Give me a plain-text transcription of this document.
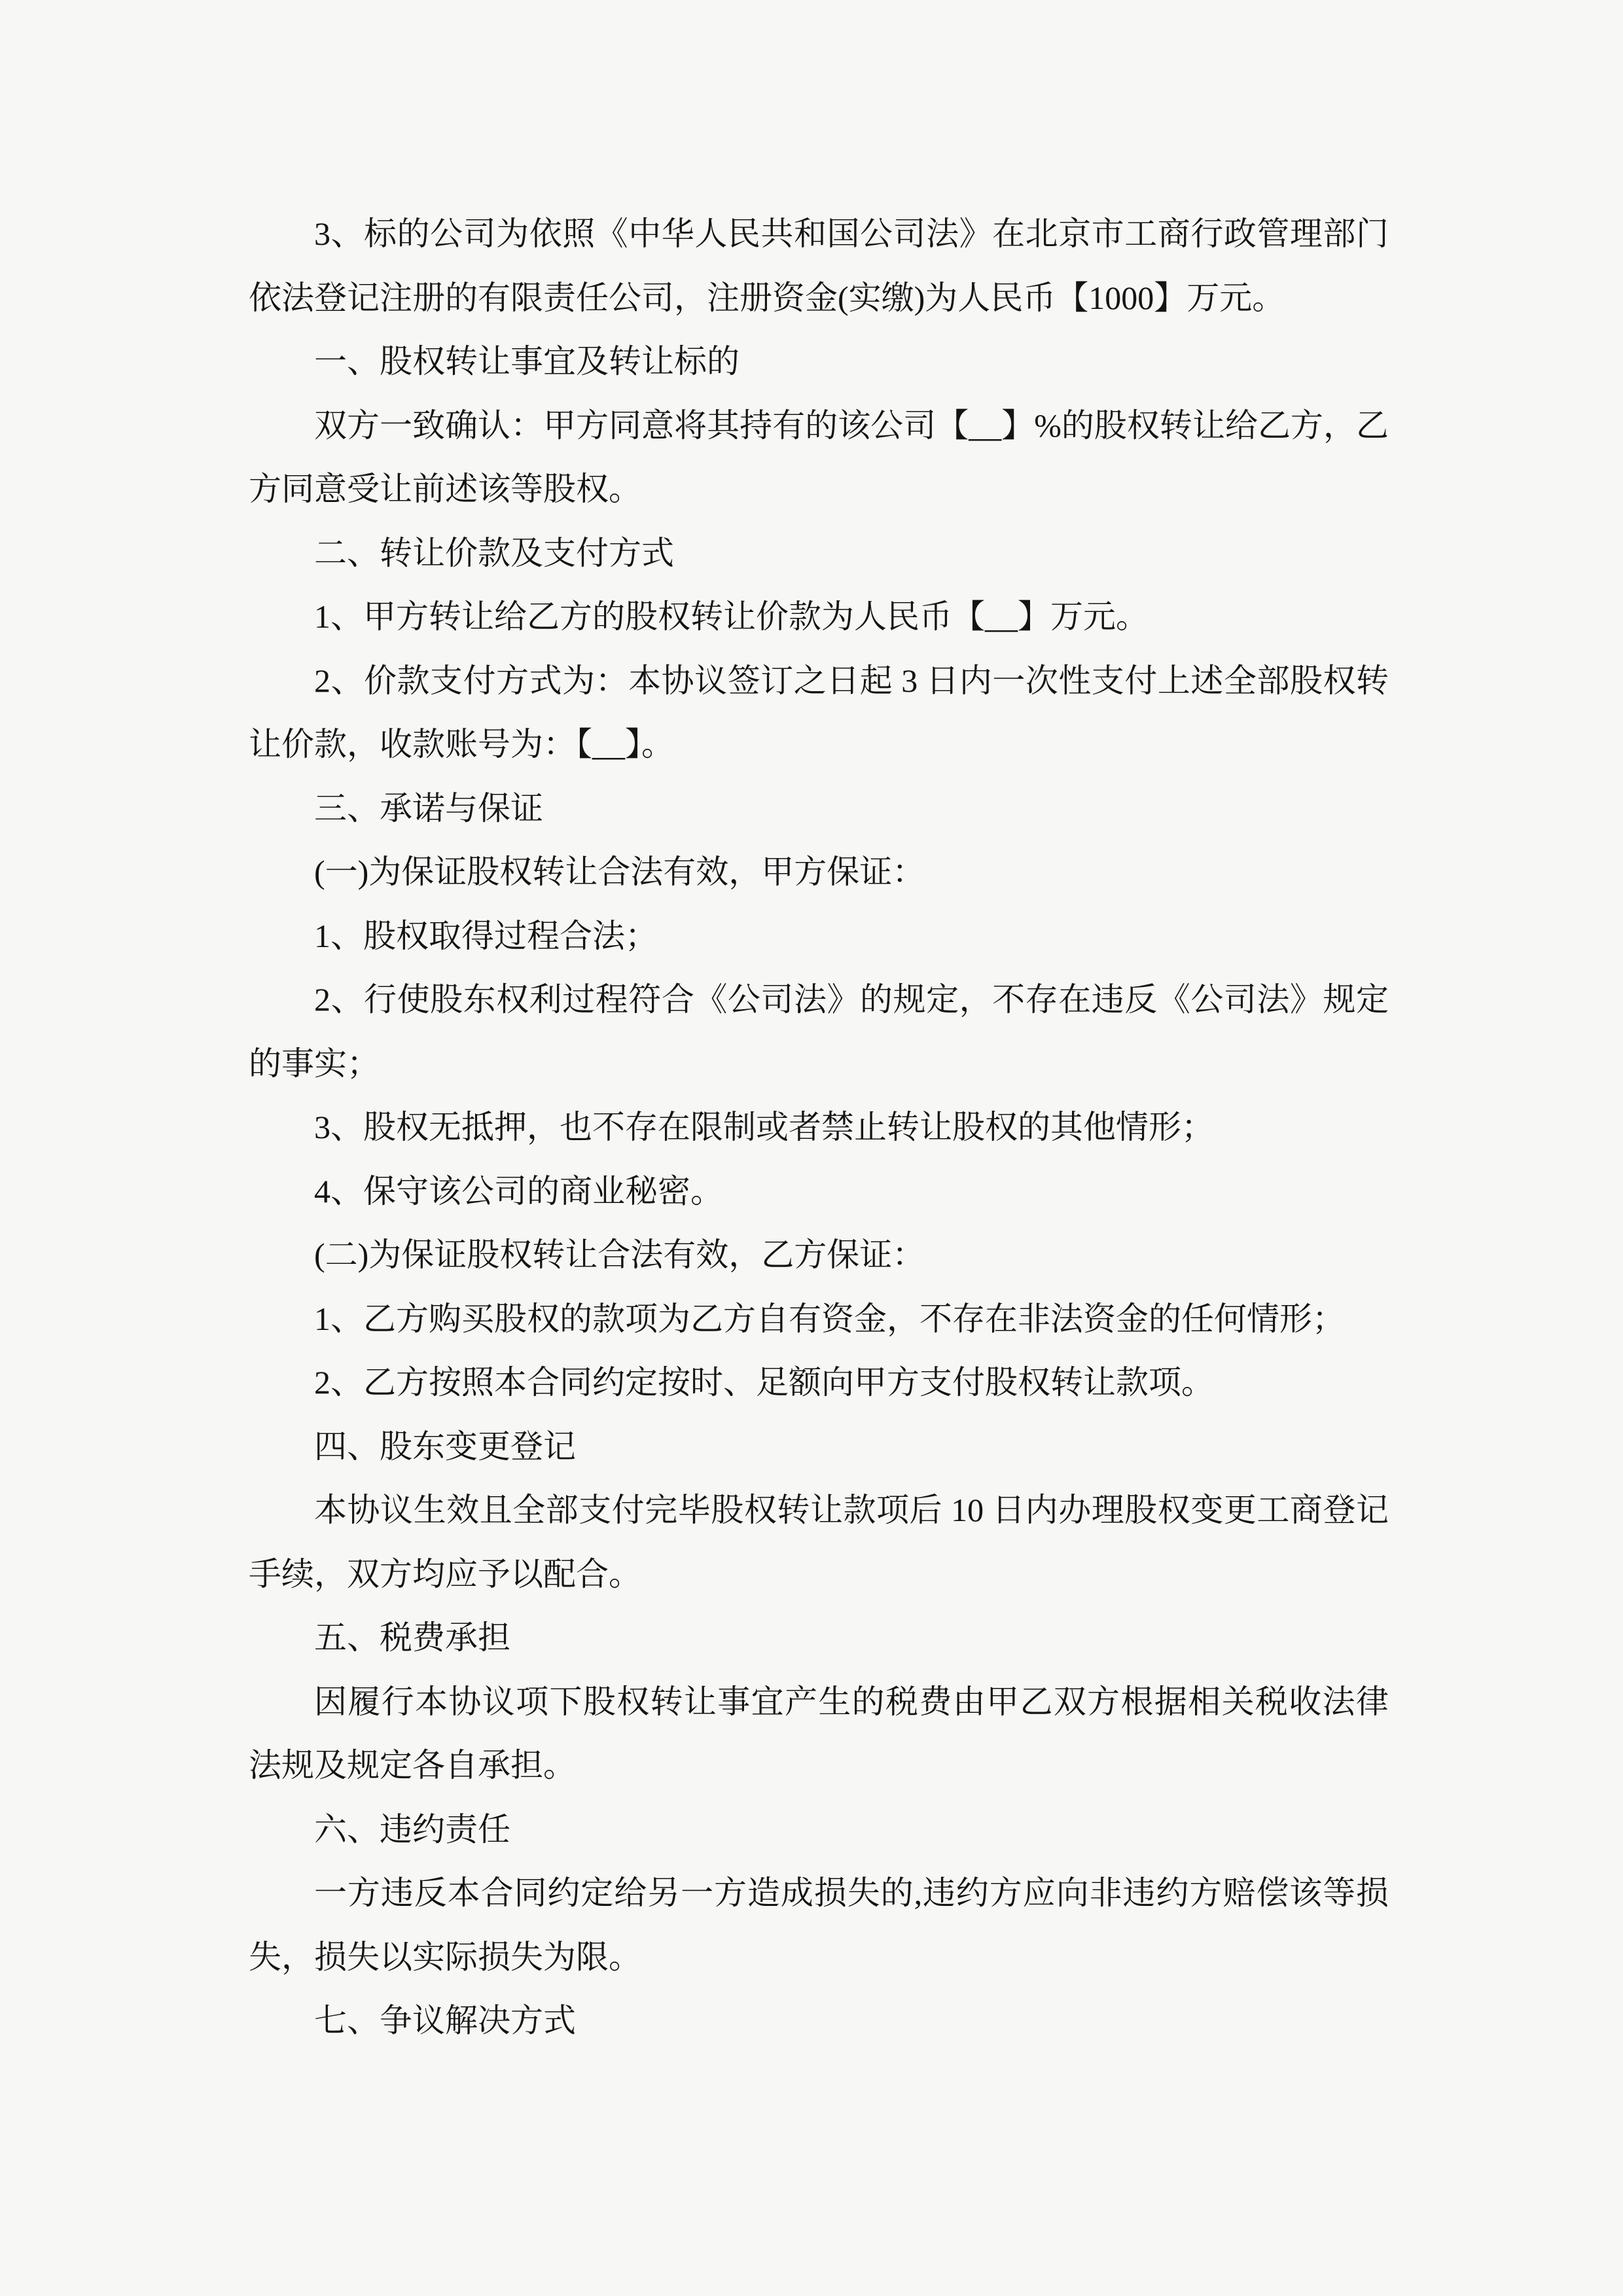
3、标的公司为依照《中华人民共和国公司法》在北京市工商行政管理部门
依法登记注册的有限责任公司，注册资金(实缴)为人民币【1000】万元。
一、股权转让事宜及转让标的
双方一致确认：甲方同意将其持有的该公司【__】%的股权转让给乙方，乙
方同意受让前述该等股权。
二、转让价款及支付方式
1、甲方转让给乙方的股权转让价款为人民币【__】万元。
2、价款支付方式为：本协议签订之日起 3 日内一次性支付上述全部股权转
让价款，收款账号为：【__】。
三、承诺与保证
(一)为保证股权转让合法有效，甲方保证：
1、股权取得过程合法；
2、行使股东权利过程符合《公司法》的规定，不存在违反《公司法》规定
的事实；
3、股权无抵押，也不存在限制或者禁止转让股权的其他情形；
4、保守该公司的商业秘密。
(二)为保证股权转让合法有效，乙方保证：
1、乙方购买股权的款项为乙方自有资金，不存在非法资金的任何情形；
2、乙方按照本合同约定按时、足额向甲方支付股权转让款项。
四、股东变更登记
本协议生效且全部支付完毕股权转让款项后 10 日内办理股权变更工商登记
手续，双方均应予以配合。
五、税费承担
因履行本协议项下股权转让事宜产生的税费由甲乙双方根据相关税收法律
法规及规定各自承担。
六、违约责任
一方违反本合同约定给另一方造成损失的,违约方应向非违约方赔偿该等损
失，损失以实际损失为限。
七、争议解决方式
